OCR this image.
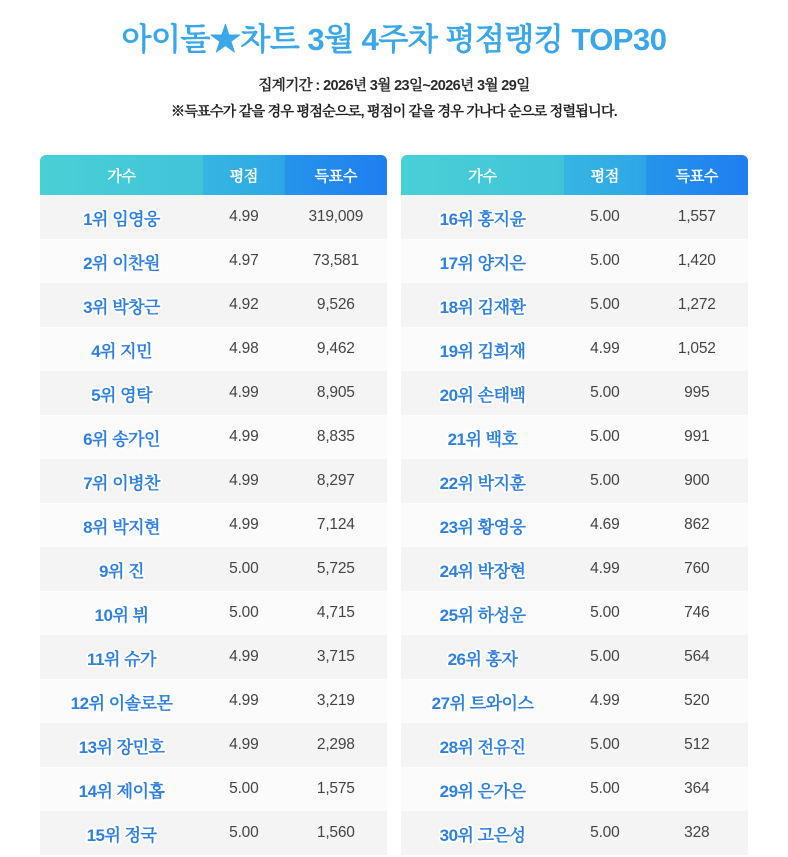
아이돌★차트 3월 4주차 평점랭킹 TOP30

집계기간 : 2026년 3월 23일~2026년 3월 29일

※득표수가 같을 경우 평점순으로, 평점이 같을 경우 가나다 순으로 정렬됩니다.

가수	평점	득표수
1위 임영웅	4.99	319,009
2위 이찬원	4.97	73,581
3위 박창근	4.92	9,526
4위 지민	4.98	9,462
5위 영탁	4.99	8,905
6위 송가인	4.99	8,835
7위 이병찬	4.99	8,297
8위 박지현	4.99	7,124
9위 진	5.00	5,725
10위 뷔	5.00	4,715
11위 슈가	4.99	3,715
12위 이솔로몬	4.99	3,219
13위 장민호	4.99	2,298
14위 제이홉	5.00	1,575
15위 정국	5.00	1,560
가수	평점	득표수
16위 홍지윤	5.00	1,557
17위 양지은	5.00	1,420
18위 김재환	5.00	1,272
19위 김희재	4.99	1,052
20위 손태백	5.00	995
21위 백호	5.00	991
22위 박지훈	5.00	900
23위 황영웅	4.69	862
24위 박장현	4.99	760
25위 하성운	5.00	746
26위 홍자	5.00	564
27위 트와이스	4.99	520
28위 전유진	5.00	512
29위 은가은	5.00	364
30위 고은성	5.00	328
